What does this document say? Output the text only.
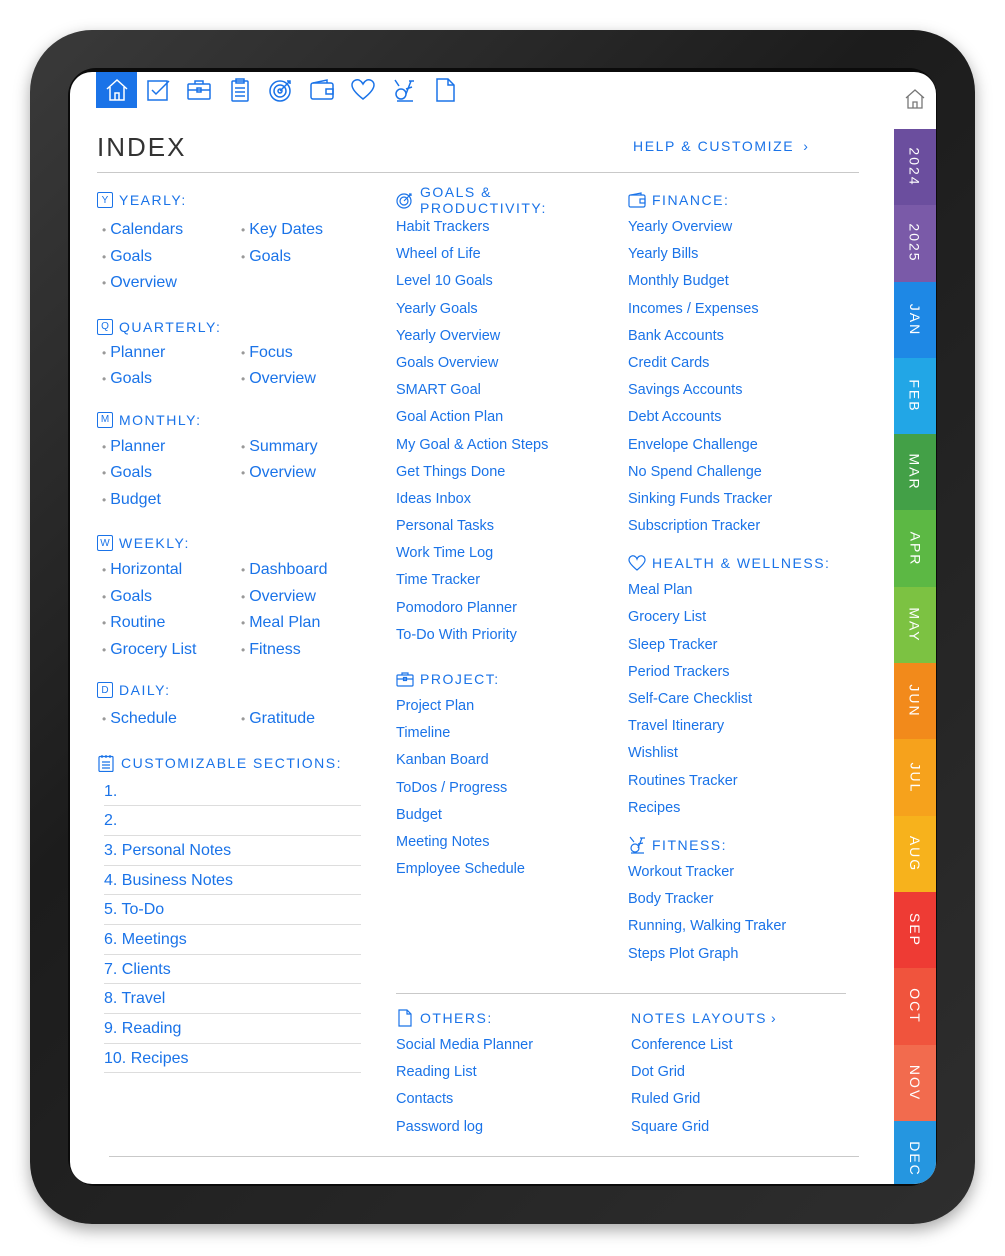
INDEX	HELP & CUSTOMIZE ›
Y YEARLY:
• Calendars	• Key Dates
• Goals	• Goals
• Overview
Q QUARTERLY:
• Planner	• Focus
• Goals	• Overview
M MONTHLY:
• Planner	• Summary
• Goals	• Overview
• Budget
W WEEKLY:
• Horizontal	• Dashboard
• Goals	• Overview
• Routine	• Meal Plan
• Grocery List	• Fitness
D DAILY:
• Schedule	• Gratitude
CUSTOMIZABLE SECTIONS:
1.
2.
3. Personal Notes
4. Business Notes
5. To-Do
6. Meetings
7. Clients
8. Travel
9. Reading
10. Recipes
GOALS & PRODUCTIVITY:
Habit Trackers
Wheel of Life
Level 10 Goals
Yearly Goals
Yearly Overview
Goals Overview
SMART Goal
Goal Action Plan
My Goal & Action Steps
Get Things Done
Ideas Inbox
Personal Tasks
Work Time Log
Time Tracker
Pomodoro Planner
To-Do With Priority
PROJECT:
Project Plan
Timeline
Kanban Board
ToDos / Progress
Budget
Meeting Notes
Employee Schedule
FINANCE:
Yearly Overview
Yearly Bills
Monthly Budget
Incomes / Expenses
Bank Accounts
Credit Cards
Savings Accounts
Debt Accounts
Envelope Challenge
No Spend Challenge
Sinking Funds Tracker
Subscription Tracker
HEALTH & WELLNESS:
Meal Plan
Grocery List
Sleep Tracker
Period Trackers
Self-Care Checklist
Travel Itinerary
Wishlist
Routines Tracker
Recipes
FITNESS:
Workout Tracker
Body Tracker
Running, Walking Traker
Steps Plot Graph
OTHERS:
Social Media Planner
Reading List
Contacts
Password log
NOTES LAYOUTS ›
Conference List
Dot Grid
Ruled Grid
Square Grid
2024
2025
JAN
FEB
MAR
APR
MAY
JUN
JUL
AUG
SEP
OCT
NOV
DEC
